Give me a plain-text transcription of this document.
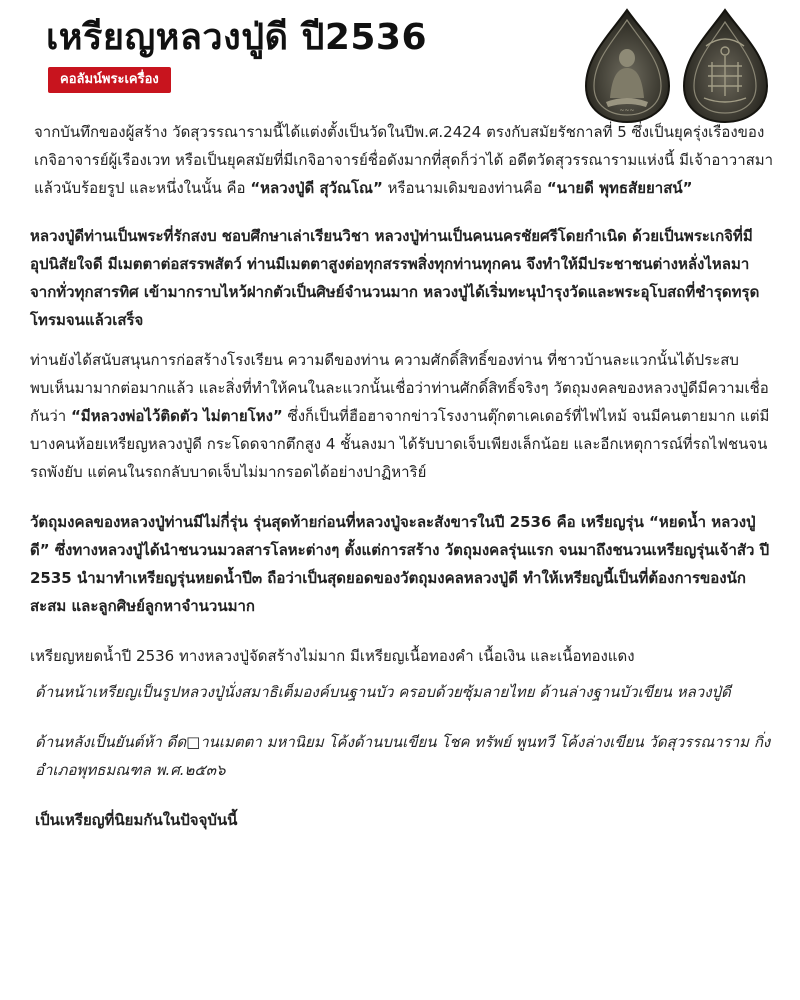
เหรียญหลวงปู่ดี ปี2536
คอลัมน์พระเครื่อง
~~~

จากบันทึกของผู้สร้าง วัดสุวรรณารามนี้ได้แต่งตั้งเป็นวัดในปีพ.ศ.2424 ตรงกับสมัยรัชกาลที่ 5 ซึ่งเป็นยุครุ่งเรืองของเกจิอาจารย์ผู้เรืองเวท หรือเป็นยุคสมัยที่มีเกจิอาจารย์ชื่อดังมากที่สุดก็ว่าได้ อดีตวัดสุวรรณารามแห่งนี้ มีเจ้าอาวาสมาแล้วนับร้อยรูป และหนึ่งในนั้น คือ “หลวงปู่ดี สุวัณโณ” หรือนามเดิมของท่านคือ “นายดี พุทธสัยยาสน์”

หลวงปู่ดีท่านเป็นพระที่รักสงบ ชอบศึกษาเล่าเรียนวิชา หลวงปู่ท่านเป็นคนนครชัยศรีโดยกำเนิด ด้วยเป็นพระเกจิที่มีอุปนิสัยใจดี มีเมตตาต่อสรรพสัตว์ ท่านมีเมตตาสูงต่อทุกสรรพสิ่งทุกท่านทุกคน จึงทำให้มีประชาชนต่างหลั่งไหลมาจากทั่วทุกสารทิศ เข้ามากราบไหว้ฝากตัวเป็นศิษย์จำนวนมาก หลวงปู่ได้เริ่มทะนุบำรุงวัดและพระอุโบสถที่ชำรุดทรุดโทรมจนแล้วเสร็จ

ท่านยังได้สนับสนุนการก่อสร้างโรงเรียน ความดีของท่าน ความศักดิ์สิทธิ์ของท่าน ที่ชาวบ้านละแวกนั้นได้ประสบพบเห็นมามากต่อมากแล้ว และสิ่งที่ทำให้คนในละแวกนั้นเชื่อว่าท่านศักดิ์สิทธิ์จริงๆ วัตถุมงคลของหลวงปู่ดีมีความเชื่อกันว่า “มีหลวงพ่อไว้ติดตัว ไม่ตายโหง” ซึ่งก็เป็นที่ฮือฮาจากข่าวโรงงานตุ๊กตาเคเดอร์ที่ไฟไหม้ จนมีคนตายมาก แต่มีบางคนห้อยเหรียญหลวงปู่ดี กระโดดจากตึกสูง 4 ชั้นลงมา ได้รับบาดเจ็บเพียงเล็กน้อย และอีกเหตุการณ์ที่รถไฟชนจนรถพังยับ แต่คนในรถกลับบาดเจ็บไม่มากรอดได้อย่างปาฏิหาริย์

วัตถุมงคลของหลวงปู่ท่านมีไม่กี่รุ่น รุ่นสุดท้ายก่อนที่หลวงปู่จะละสังขารในปี 2536 คือ เหรียญรุ่น “หยดน้ำ หลวงปู่ดี” ซึ่งทางหลวงปู่ได้นำชนวนมวลสารโลหะต่างๆ ตั้งแต่การสร้าง วัตถุมงคลรุ่นแรก จนมาถึงชนวนเหรียญรุ่นเจ้าสัว ปี 2535 นำมาทำเหรียญรุ่นหยดน้ำปี๓ ถือว่าเป็นสุดยอดของวัตถุมงคลหลวงปู่ดี ทำให้เหรียญนี้เป็นที่ต้องการของนักสะสม และลูกศิษย์ลูกหาจำนวนมาก

เหรียญหยดน้ำปี 2536 ทางหลวงปู่จัดสร้างไม่มาก มีเหรียญเนื้อทองคำ เนื้อเงิน และเนื้อทองแดง

ด้านหน้าเหรียญเป็นรูปหลวงปู่นั่งสมาธิเต็มองค์บนฐานบัว ครอบด้วยซุ้มลายไทย ด้านล่างฐานบัวเขียน หลวงปู่ดี

ด้านหลังเป็นยันต์ห้า ดีด□านเมตตา มหานิยม โค้งด้านบนเขียน โชค ทรัพย์ พูนทวี โค้งล่างเขียน วัดสุวรรณาราม กิ่งอำเภอพุทธมณฑล พ.ศ.๒๕๓๖

เป็นเหรียญที่นิยมกันในปัจจุบันนี้
